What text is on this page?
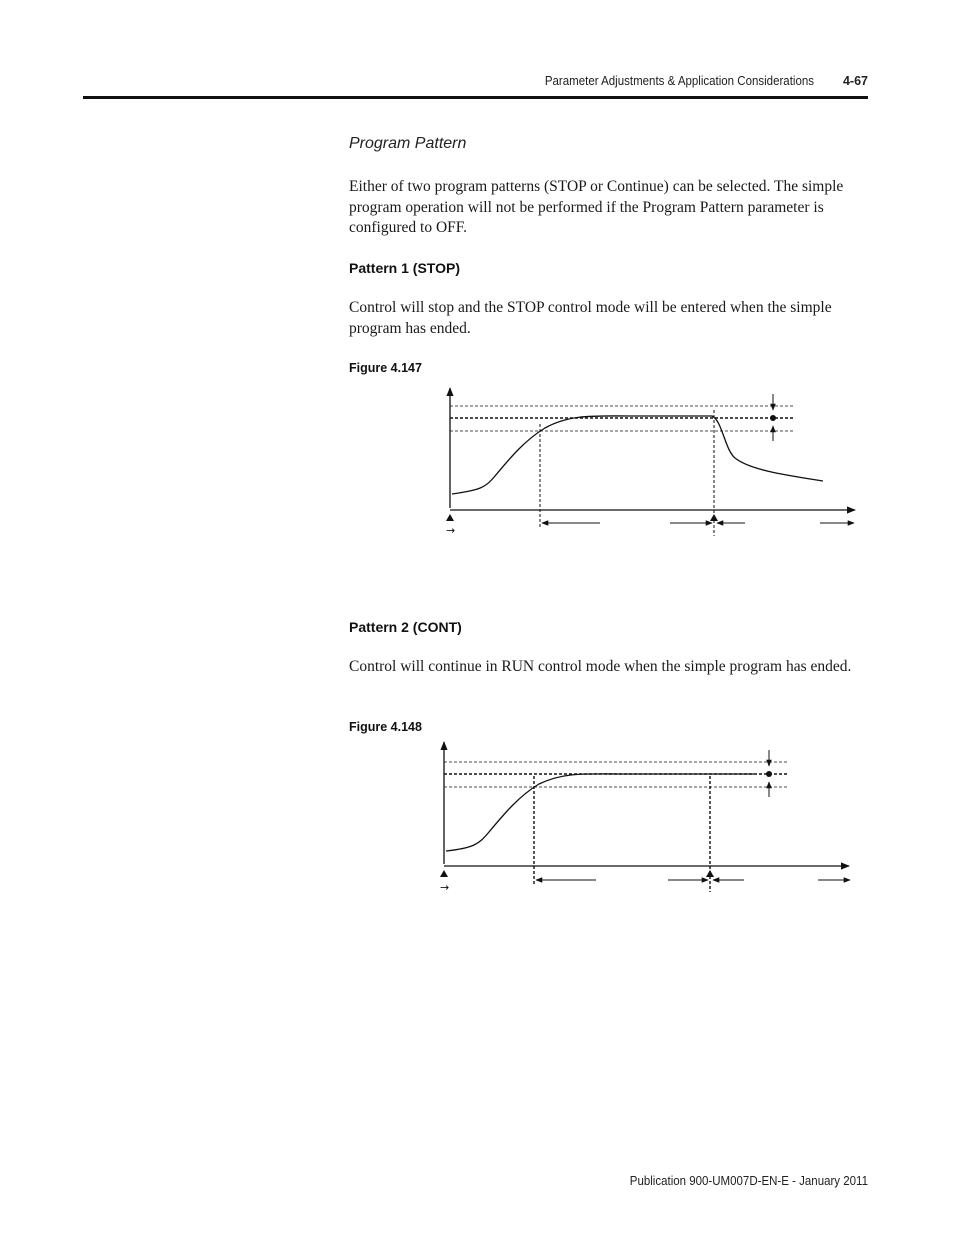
Parameter Adjustments & Application Considerations	4-67
Program Pattern

Either of two program patterns (STOP or Continue) can be selected. The simple program operation will not be performed if the Program Pattern parameter is configured to OFF.

Pattern 1 (STOP)

Control will stop and the STOP control mode will be entered when the simple program has ended.

Figure 4.147
→
Pattern 2 (CONT)

Control will continue in RUN control mode when the simple program has ended.

Figure 4.148
→
Publication 900-UM007D-EN-E - January 2011
